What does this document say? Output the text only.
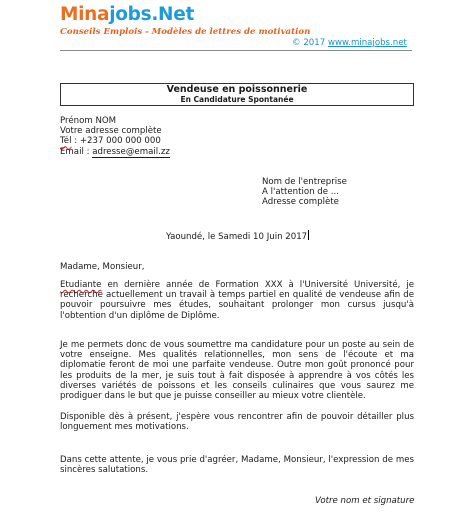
Minajobs.Net
Conseils Emplois - Modèles de lettres de motivation
© 2017 www.minajobs.net
Vendeuse en poissonnerie
En Candidature Spontanée
Prénom NOM
Votre adresse complète
Tél : +237 000 000 000
Email : adresse@email.zz
Nom de l'entreprise
A l'attention de ...
Adresse complète
Yaoundé, le Samedi 10 Juin 2017
Madame, Monsieur,
Etudiante en dernière année de Formation XXX à l'Université Université, je recherche actuellement un travail à temps partiel en qualité de vendeuse afin de pouvoir poursuivre mes études, souhaitant prolonger mon cursus jusqu'à l'obtention d'un diplôme de Diplôme.
Je me permets donc de vous soumettre ma candidature pour un poste au sein de votre enseigne. Mes qualités relationnelles, mon sens de l'écoute et ma diplomatie feront de moi une parfaite vendeuse. Outre mon goût prononcé pour les produits de la mer, je suis tout à fait disposée à apprendre à vos côtés les diverses variétés de poissons et les conseils culinaires que vous saurez me prodiguer dans le but que je puisse conseiller au mieux votre clientèle.
Disponible dès à présent, j'espère vous rencontrer afin de pouvoir détailler plus longuement mes motivations.
Dans cette attente, je vous prie d'agréer, Madame, Monsieur, l'expression de mes sincères salutations.
Votre nom et signature
